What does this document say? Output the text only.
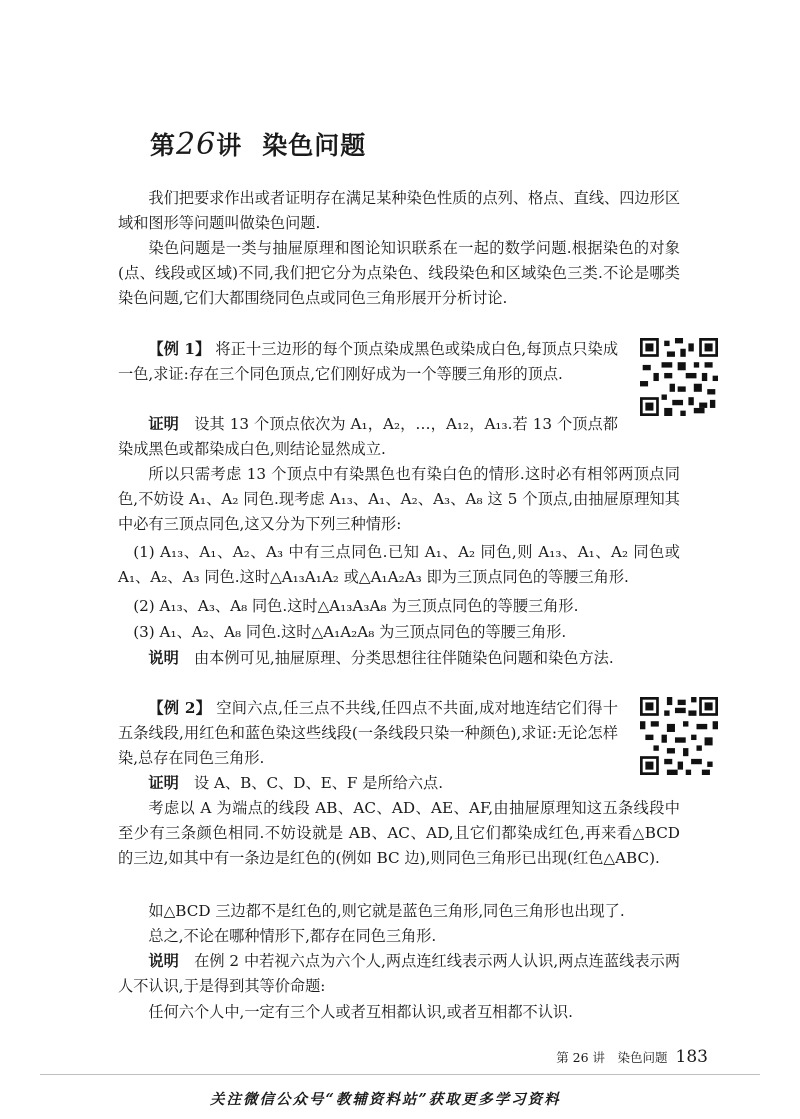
第26讲 染色问题

我们把要求作出或者证明存在满足某种染色性质的点列、格点、直线、四边形区域和图形等问题叫做染色问题.

染色问题是一类与抽屉原理和图论知识联系在一起的数学问题.根据染色的对象(点、线段或区域)不同,我们把它分为点染色、线段染色和区域染色三类.不论是哪类染色问题,它们大都围绕同色点或同色三角形展开分析讨论.

【例 1】 将正十三边形的每个顶点染成黑色或染成白色,每顶点只染成一色,求证:存在三个同色顶点,它们刚好成为一个等腰三角形的顶点.

证明　 设其 13 个顶点依次为 A₁，A₂，…，A₁₂，A₁₃.若 13 个顶点都染成黑色或都染成白色,则结论显然成立.

所以只需考虑 13 个顶点中有染黑色也有染白色的情形.这时必有相邻两顶点同色,不妨设 A₁、A₂ 同色.现考虑 A₁₃、A₁、A₂、A₃、A₈ 这 5 个顶点,由抽屉原理知其中必有三顶点同色,这又分为下列三种情形:

(1) A₁₃、A₁、A₂、A₃ 中有三点同色.已知 A₁、A₂ 同色,则 A₁₃、A₁、A₂ 同色或 A₁、A₂、A₃ 同色.这时△A₁₃A₁A₂ 或△A₁A₂A₃ 即为三顶点同色的等腰三角形.

(2) A₁₃、A₃、A₈ 同色.这时△A₁₃A₃A₈ 为三顶点同色的等腰三角形.

(3) A₁、A₂、A₈ 同色.这时△A₁A₂A₈ 为三顶点同色的等腰三角形.

说明　 由本例可见,抽屉原理、分类思想往往伴随染色问题和染色方法.

【例 2】 空间六点,任三点不共线,任四点不共面,成对地连结它们得十五条线段,用红色和蓝色染这些线段(一条线段只染一种颜色),求证:无论怎样染,总存在同色三角形.

证明　 设 A、B、C、D、E、F 是所给六点.

考虑以 A 为端点的线段 AB、AC、AD、AE、AF,由抽屉原理知这五条线段中至少有三条颜色相同.不妨设就是 AB、AC、AD,且它们都染成红色,再来看△BCD 的三边,如其中有一条边是红色的(例如 BC 边),则同色三角形已出现(红色△ABC).

如△BCD 三边都不是红色的,则它就是蓝色三角形,同色三角形也出现了.

总之,不论在哪种情形下,都存在同色三角形.

说明　 在例 2 中若视六点为六个人,两点连红线表示两人认识,两点连蓝线表示两人不认识,于是得到其等价命题:

任何六个人中,一定有三个人或者互相都认识,或者互相都不认识.

第 26 讲　染色问题 183
关注微信公众号“教辅资料站”获取更多学习资料
